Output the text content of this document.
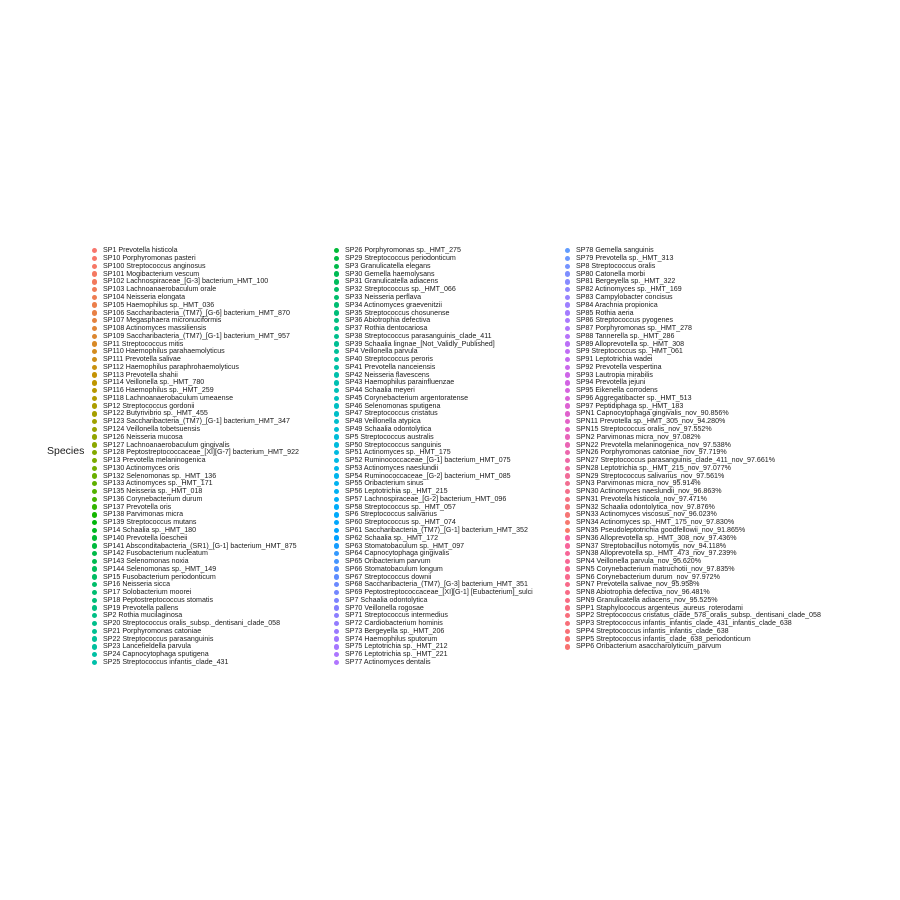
Species
SP1 Prevotella histicola
SP10 Porphyromonas pasteri
SP100 Streptococcus anginosus
SP101 Mogibacterium vescum
SP102 Lachnospiraceae_[G-3] bacterium_HMT_100
SP103 Lachnoanaerobaculum orale
SP104 Neisseria elongata
SP105 Haemophilus sp._HMT_036
SP106 Saccharibacteria_(TM7)_[G-6] bacterium_HMT_870
SP107 Megasphaera micronuciformis
SP108 Actinomyces massiliensis
SP109 Saccharibacteria_(TM7)_[G-1] bacterium_HMT_957
SP11 Streptococcus mitis
SP110 Haemophilus parahaemolyticus
SP111 Prevotella salivae
SP112 Haemophilus paraphrohaemolyticus
SP113 Prevotella shahii
SP114 Veillonella sp._HMT_780
SP116 Haemophilus sp._HMT_259
SP118 Lachnoanaerobaculum umeaense
SP12 Streptococcus gordonii
SP122 Butyrivibrio sp._HMT_455
SP123 Saccharibacteria_(TM7)_[G-1] bacterium_HMT_347
SP124 Veillonella tobetsuensis
SP126 Neisseria mucosa
SP127 Lachnoanaerobaculum gingivalis
SP128 Peptostreptococcaceae_[XI][G-7] bacterium_HMT_922
SP13 Prevotella melaninogenica
SP130 Actinomyces oris
SP132 Selenomonas sp._HMT_136
SP133 Actinomyces sp._HMT_171
SP135 Neisseria sp._HMT_018
SP136 Corynebacterium durum
SP137 Prevotella oris
SP138 Parvimonas micra
SP139 Streptococcus mutans
SP14 Schaalia sp._HMT_180
SP140 Prevotella loescheii
SP141 Absconditabacteria_(SR1)_[G-1] bacterium_HMT_875
SP142 Fusobacterium nucleatum
SP143 Selenomonas noxia
SP144 Selenomonas sp._HMT_149
SP15 Fusobacterium periodonticum
SP16 Neisseria sicca
SP17 Solobacterium moorei
SP18 Peptostreptococcus stomatis
SP19 Prevotella pallens
SP2 Rothia mucilaginosa
SP20 Streptococcus oralis_subsp._dentisani_clade_058
SP21 Porphyromonas catoniae
SP22 Streptococcus parasanguinis
SP23 Lancefieldella parvula
SP24 Capnocytophaga sputigena
SP25 Streptococcus infantis_clade_431
SP26 Porphyromonas sp._HMT_275
SP29 Streptococcus periodonticum
SP3 Granulicatella elegans
SP30 Gemella haemolysans
SP31 Granulicatella adiacens
SP32 Streptococcus sp._HMT_066
SP33 Neisseria perflava
SP34 Actinomyces graevenitzii
SP35 Streptococcus chosunense
SP36 Abiotrophia defectiva
SP37 Rothia dentocariosa
SP38 Streptococcus parasanguinis_clade_411
SP39 Schaalia lingnae_[Not_Validly_Published]
SP4 Veillonella parvula
SP40 Streptococcus peroris
SP41 Prevotella nanceiensis
SP42 Neisseria flavescens
SP43 Haemophilus parainfluenzae
SP44 Schaalia meyeri
SP45 Corynebacterium argentoratense
SP46 Selenomonas sputigena
SP47 Streptococcus cristatus
SP48 Veillonella atypica
SP49 Schaalia odontolytica
SP5 Streptococcus australis
SP50 Streptococcus sanguinis
SP51 Actinomyces sp._HMT_175
SP52 Ruminococcaceae_[G-1] bacterium_HMT_075
SP53 Actinomyces naeslundii
SP54 Ruminococcaceae_[G-2] bacterium_HMT_085
SP55 Oribacterium sinus
SP56 Leptotrichia sp._HMT_215
SP57 Lachnospiraceae_[G-2] bacterium_HMT_096
SP58 Streptococcus sp._HMT_057
SP6 Streptococcus salivarius
SP60 Streptococcus sp._HMT_074
SP61 Saccharibacteria_(TM7)_[G-1] bacterium_HMT_352
SP62 Schaalia sp._HMT_172
SP63 Stomatobaculum sp._HMT_097
SP64 Capnocytophaga gingivalis
SP65 Oribacterium parvum
SP66 Stomatobaculum longum
SP67 Streptococcus downii
SP68 Saccharibacteria_(TM7)_[G-3] bacterium_HMT_351
SP69 Peptostreptococcaceae_[XI][G-1] [Eubacterium]_sulci
SP7 Schaalia odontolytica
SP70 Veillonella rogosae
SP71 Streptococcus intermedius
SP72 Cardiobacterium hominis
SP73 Bergeyella sp._HMT_206
SP74 Haemophilus sputorum
SP75 Leptotrichia sp._HMT_212
SP76 Leptotrichia sp._HMT_221
SP77 Actinomyces dentalis
SP78 Gemella sanguinis
SP79 Prevotella sp._HMT_313
SP8 Streptococcus oralis
SP80 Catonella morbi
SP81 Bergeyella sp._HMT_322
SP82 Actinomyces sp._HMT_169
SP83 Campylobacter concisus
SP84 Arachnia propionica
SP85 Rothia aeria
SP86 Streptococcus pyogenes
SP87 Porphyromonas sp._HMT_278
SP88 Tannerella sp._HMT_286
SP89 Alloprevotella sp._HMT_308
SP9 Streptococcus sp._HMT_061
SP91 Leptotrichia wadei
SP92 Prevotella vespertina
SP93 Lautropia mirabilis
SP94 Prevotella jejuni
SP95 Eikenella corrodens
SP96 Aggregatibacter sp._HMT_513
SP97 Peptidiphaga sp._HMT_183
SPN1 Capnocytophaga gingivalis_nov_90.856%
SPN11 Prevotella sp._HMT_305_nov_94.280%
SPN15 Streptococcus oralis_nov_97.552%
SPN2 Parvimonas micra_nov_97.082%
SPN22 Prevotella melaninogenica_nov_97.538%
SPN26 Porphyromonas catoniae_nov_97.719%
SPN27 Streptococcus parasanguinis_clade_411_nov_97.661%
SPN28 Leptotrichia sp._HMT_215_nov_97.077%
SPN29 Streptococcus salivarius_nov_97.561%
SPN3 Parvimonas micra_nov_95.914%
SPN30 Actinomyces naeslundii_nov_96.863%
SPN31 Prevotella histicola_nov_97.471%
SPN32 Schaalia odontolytica_nov_97.876%
SPN33 Actinomyces viscosus_nov_96.023%
SPN34 Actinomyces sp._HMT_175_nov_97.830%
SPN35 Pseudoleptotrichia goodfellowii_nov_91.865%
SPN36 Alloprevotella sp._HMT_308_nov_97.436%
SPN37 Streptobacillus notomytis_nov_94.118%
SPN38 Alloprevotella sp._HMT_473_nov_97.239%
SPN4 Veillonella parvula_nov_95.620%
SPN5 Corynebacterium matruchotii_nov_97.835%
SPN6 Corynebacterium durum_nov_97.972%
SPN7 Prevotella salivae_nov_95.958%
SPN8 Abiotrophia defectiva_nov_96.481%
SPN9 Granulicatella adiacens_nov_95.525%
SPP1 Staphylococcus argenteus_aureus_roterodami
SPP2 Streptococcus cristatus_clade_578_oralis_subsp._dentisani_clade_058
SPP3 Streptococcus infantis_infantis_clade_431_infantis_clade_638
SPP4 Streptococcus infantis_infantis_clade_638
SPP5 Streptococcus infantis_clade_638_periodonticum
SPP6 Oribacterium asaccharolyticum_parvum
